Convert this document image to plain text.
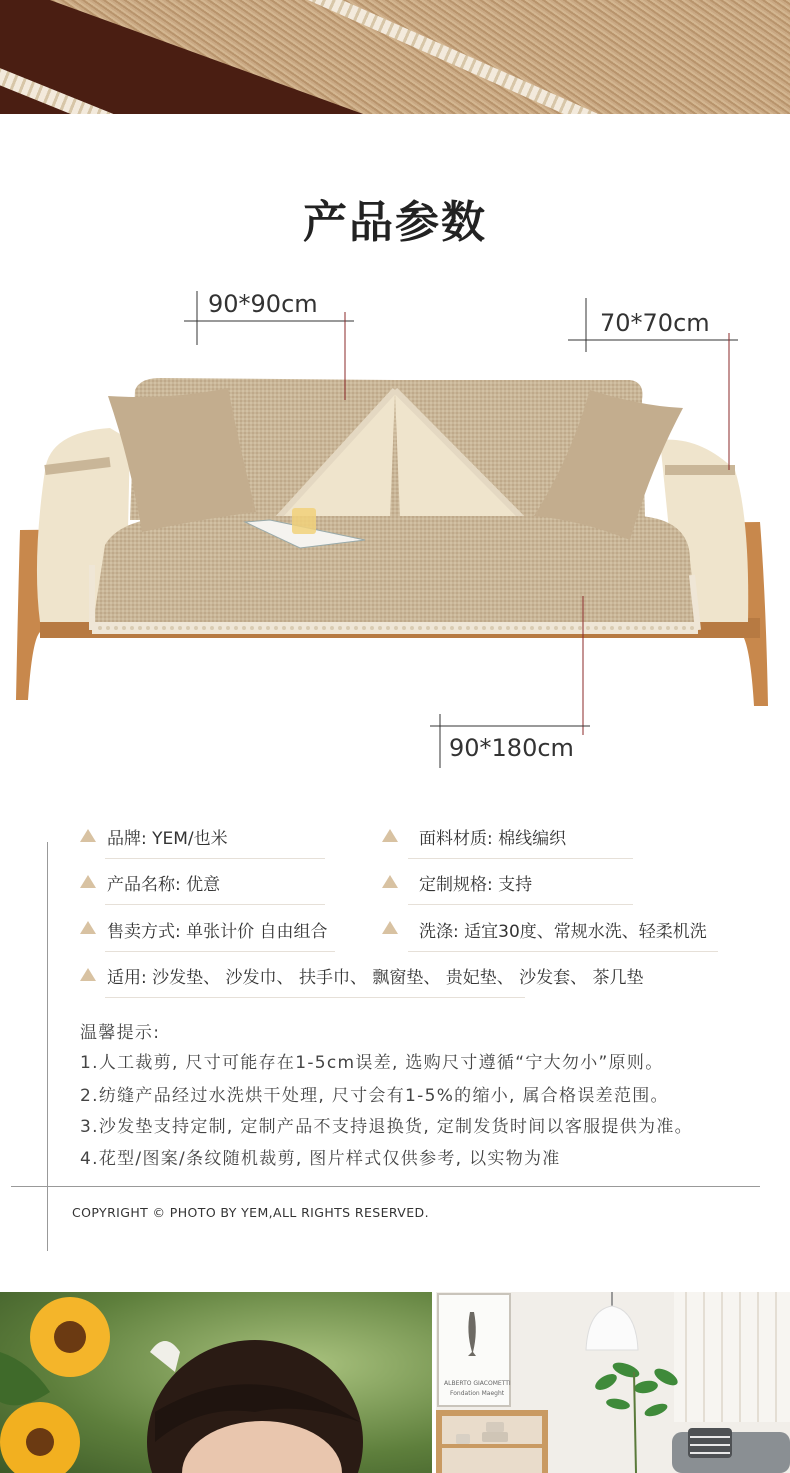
产品参数
90*90cm
70*70cm
90*180cm
品牌: YEM/也米	面料材质: 棉线编织
产品名称: 优意	定制规格: 支持
售卖方式: 单张计价 自由组合	洗涤: 适宜30度、常规水洗、轻柔机洗
适用: 沙发垫、 沙发巾、 扶手巾、 飘窗垫、 贵妃垫、 沙发套、 茶几垫
温馨提示:
1.人工裁剪, 尺寸可能存在1-5cm误差, 选购尺寸遵循“宁大勿小”原则。
2.纺缝产品经过水洗烘干处理, 尺寸会有1-5%的缩小, 属合格误差范围。
3.沙发垫支持定制, 定制产品不支持退换货, 定制发货时间以客服提供为准。
4.花型/图案/条纹随机裁剪, 图片样式仅供参考, 以实物为准
COPYRIGHT © PHOTO BY YEM,ALL RIGHTS RESERVED.
ALBERTO GIACOMETTI
Fondation Maeght
